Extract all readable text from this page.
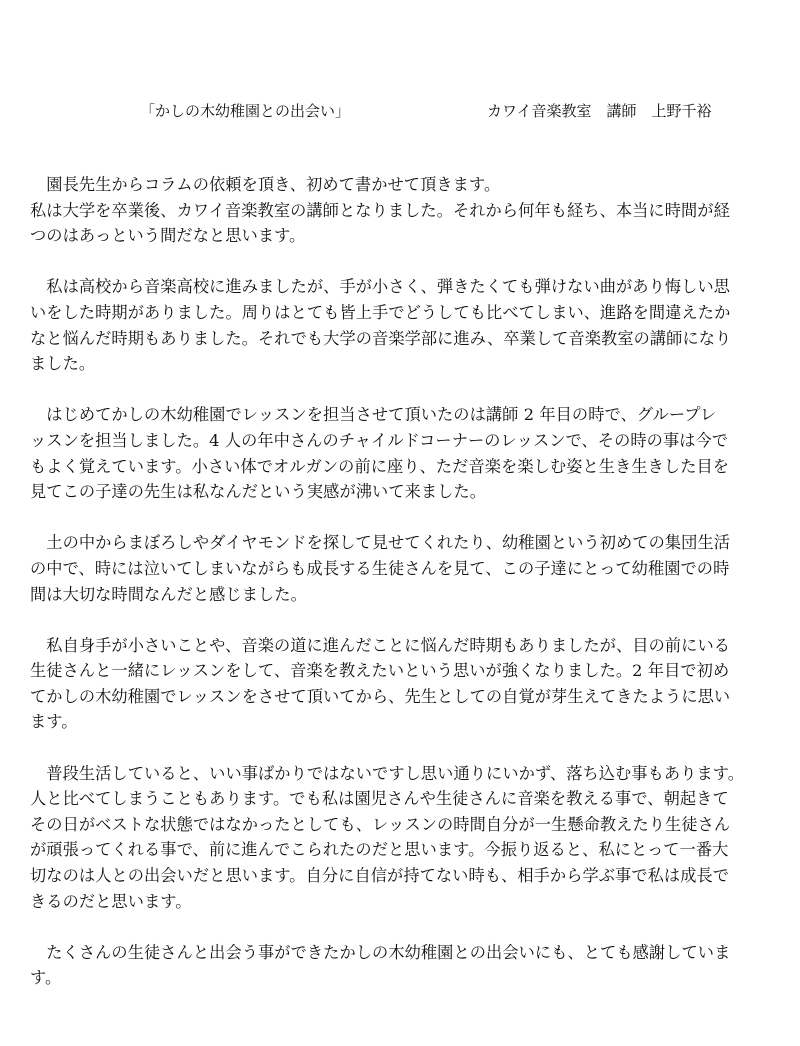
「かしの木幼稚園との出会い」	カワイ音楽教室　講師　上野千裕
　園長先生からコラムの依頼を頂き、初めて書かせて頂きます。
私は大学を卒業後、カワイ音楽教室の講師となりました。それから何年も経ち、本当に時間が経
つのはあっという間だなと思います。
　私は高校から音楽高校に進みましたが、手が小さく、弾きたくても弾けない曲があり悔しい思
いをした時期がありました。周りはとても皆上手でどうしても比べてしまい、進路を間違えたか
なと悩んだ時期もありました。それでも大学の音楽学部に進み、卒業して音楽教室の講師になり
ました。
　はじめてかしの木幼稚園でレッスンを担当させて頂いたのは講師 2 年目の時で、グループレ
ッスンを担当しました。4 人の年中さんのチャイルドコーナーのレッスンで、その時の事は今で
もよく覚えています。小さい体でオルガンの前に座り、ただ音楽を楽しむ姿と生き生きした目を
見てこの子達の先生は私なんだという実感が沸いて来ました。
　土の中からまぼろしやダイヤモンドを探して見せてくれたり、幼稚園という初めての集団生活
の中で、時には泣いてしまいながらも成長する生徒さんを見て、この子達にとって幼稚園での時
間は大切な時間なんだと感じました。
　私自身手が小さいことや、音楽の道に進んだことに悩んだ時期もありましたが、目の前にいる
生徒さんと一緒にレッスンをして、音楽を教えたいという思いが強くなりました。2 年目で初め
てかしの木幼稚園でレッスンをさせて頂いてから、先生としての自覚が芽生えてきたように思い
ます。
　普段生活していると、いい事ばかりではないですし思い通りにいかず、落ち込む事もあります。
人と比べてしまうこともあります。でも私は園児さんや生徒さんに音楽を教える事で、朝起きて
その日がベストな状態ではなかったとしても、レッスンの時間自分が一生懸命教えたり生徒さん
が頑張ってくれる事で、前に進んでこられたのだと思います。今振り返ると、私にとって一番大
切なのは人との出会いだと思います。自分に自信が持てない時も、相手から学ぶ事で私は成長で
きるのだと思います。
　たくさんの生徒さんと出会う事ができたかしの木幼稚園との出会いにも、とても感謝していま
す。
